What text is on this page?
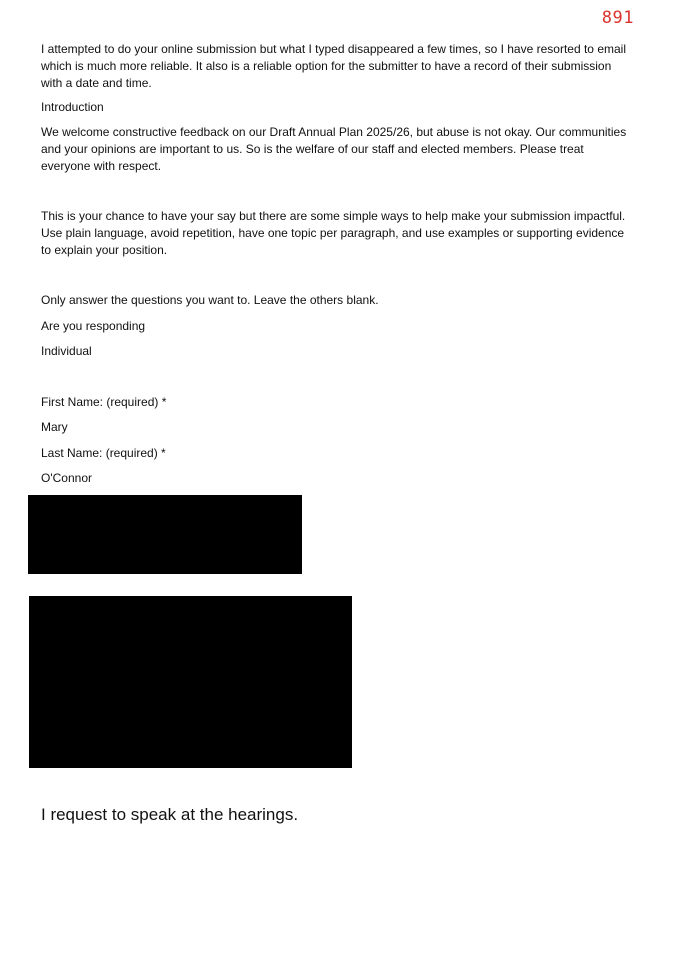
891

I attempted to do your online submission but what I typed disappeared a few times, so I have resorted to email which is much more reliable. It also is a reliable option for the submitter to have a record of their submission with a date and time.

Introduction

We welcome constructive feedback on our Draft Annual Plan 2025/26, but abuse is not okay. Our communities and your opinions are important to us. So is the welfare of our staff and elected members. Please treat everyone with respect.

This is your chance to have your say but there are some simple ways to help make your submission impactful. Use plain language, avoid repetition, have one topic per paragraph, and use examples or supporting evidence to explain your position.

Only answer the questions you want to. Leave the others blank.

Are you responding

Individual

First Name: (required) *

Mary

Last Name: (required) *

O'Connor

I request to speak at the hearings.
